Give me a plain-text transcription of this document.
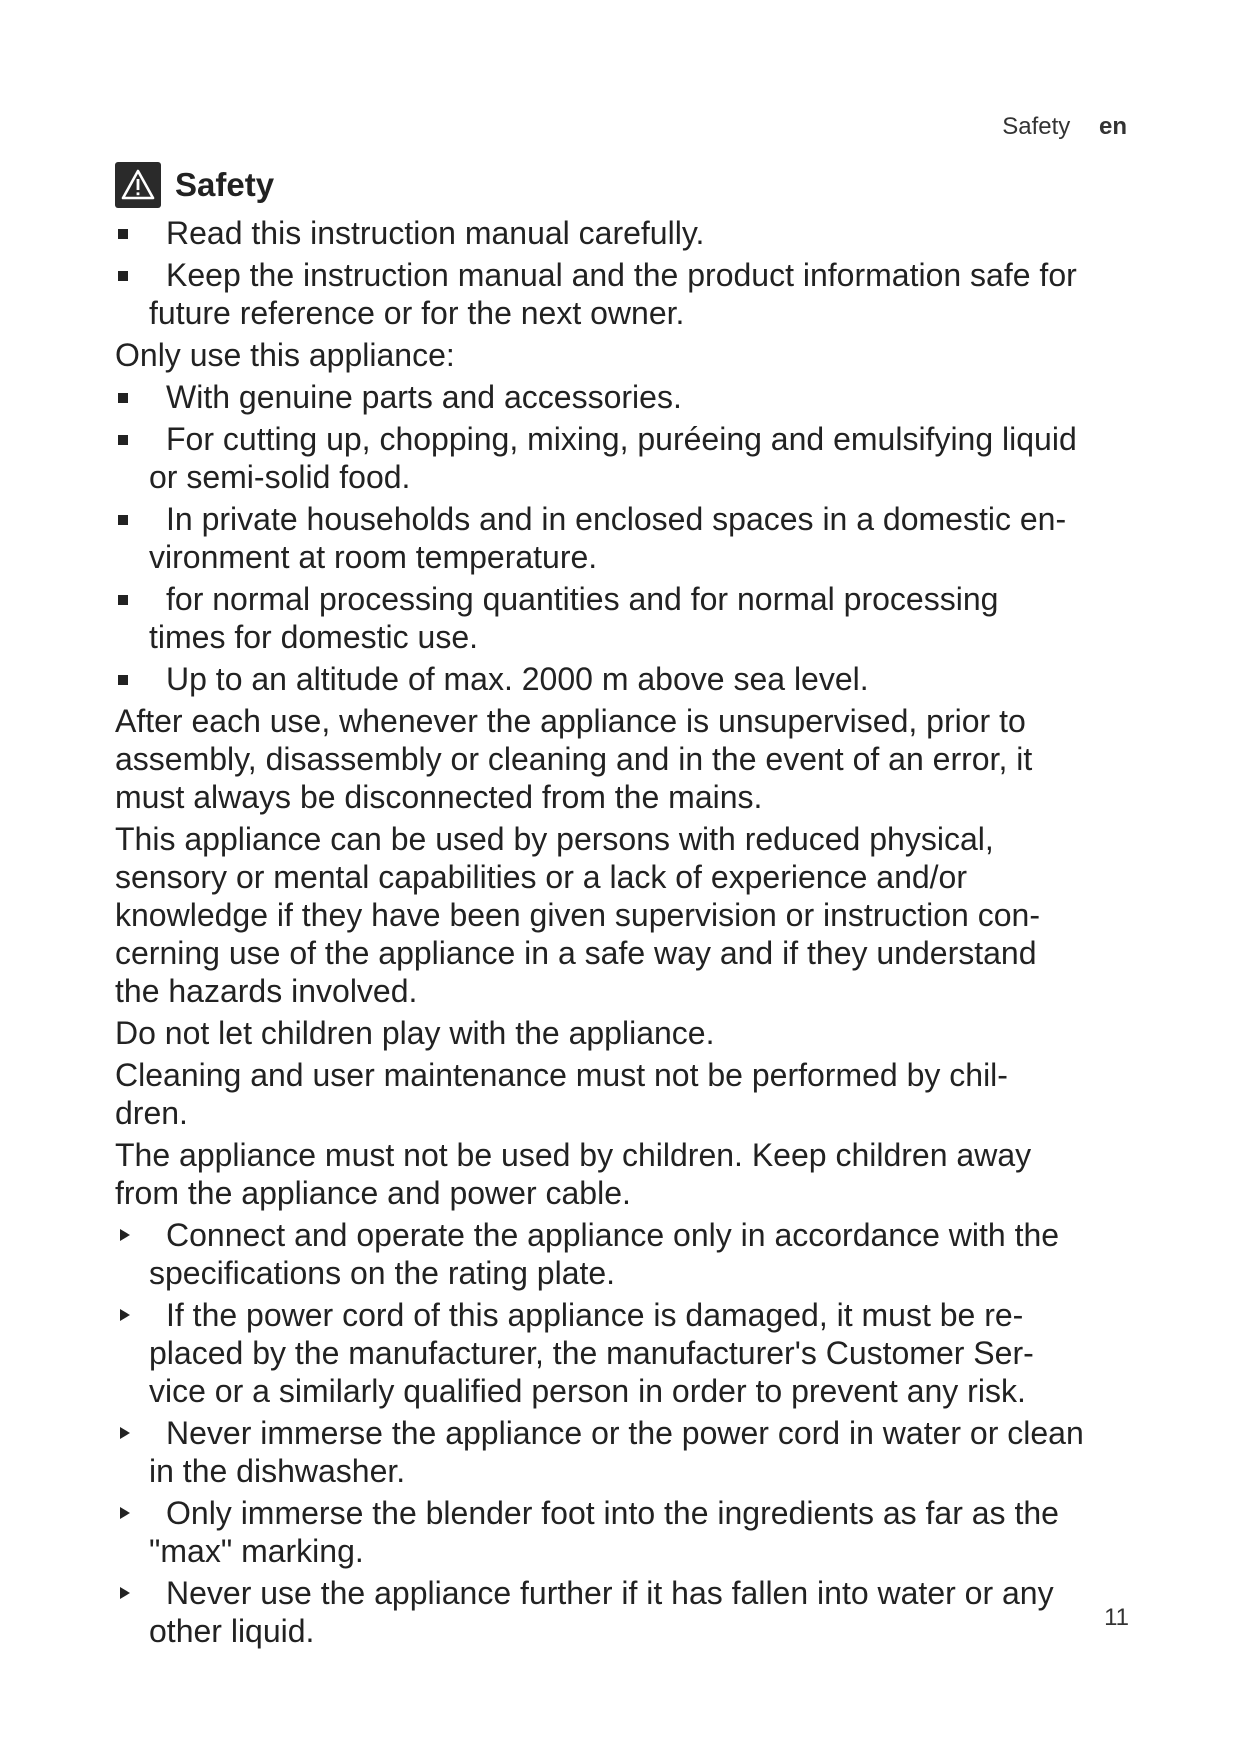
Safety en
Safety
Read this instruction manual carefully.
Keep the instruction manual and the product information safe for
future reference or for the next owner.
Only use this appliance:
With genuine parts and accessories.
For cutting up, chopping, mixing, puréeing and emulsifying liquid
or semi-solid food.
In private households and in enclosed spaces in a domestic en-
vironment at room temperature.
for normal processing quantities and for normal processing
times for domestic use.
Up to an altitude of max. 2000 m above sea level.
After each use, whenever the appliance is unsupervised, prior to
assembly, disassembly or cleaning and in the event of an error, it
must always be disconnected from the mains.
This appliance can be used by persons with reduced physical,
sensory or mental capabilities or a lack of experience and/or
knowledge if they have been given supervision or instruction con-
cerning use of the appliance in a safe way and if they understand
the hazards involved.
Do not let children play with the appliance.
Cleaning and user maintenance must not be performed by chil-
dren.
The appliance must not be used by children. Keep children away
from the appliance and power cable.
Connect and operate the appliance only in accordance with the
specifications on the rating plate.
If the power cord of this appliance is damaged, it must be re-
placed by the manufacturer, the manufacturer's Customer Ser-
vice or a similarly qualified person in order to prevent any risk.
Never immerse the appliance or the power cord in water or clean
in the dishwasher.
Only immerse the blender foot into the ingredients as far as the
"max" marking.
Never use the appliance further if it has fallen into water or any
other liquid.	11
